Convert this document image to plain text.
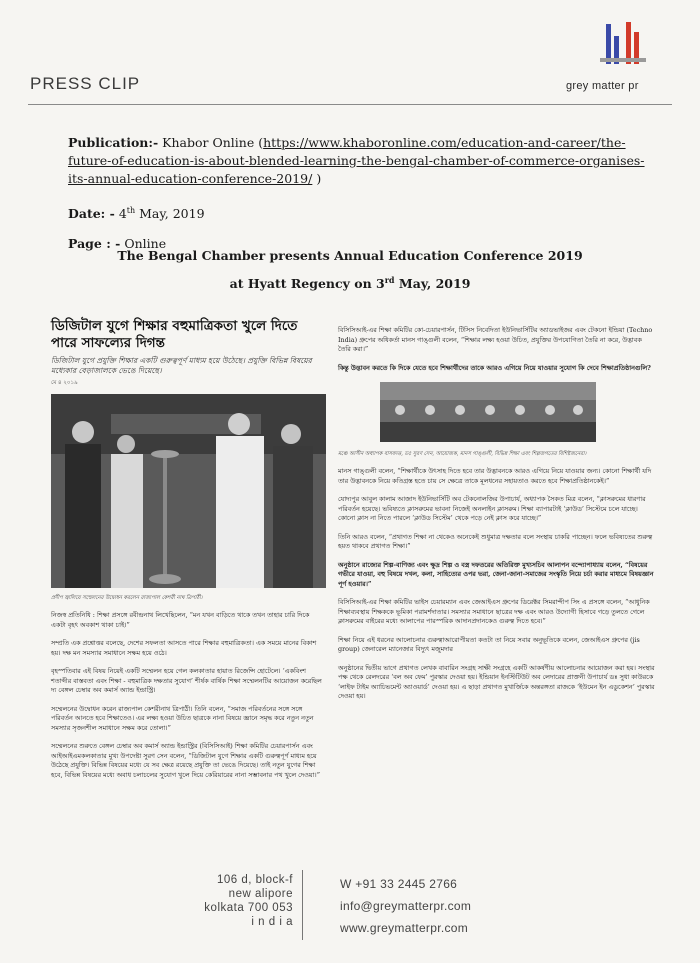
PRESS CLIP	grey matter pr
Publication:- Khabor Online (https://www.khaboronline.com/education-and-career/the-future-of-education-is-about-blended-learning-the-bengal-chamber-of-commerce-organises-its-annual-education-conference-2019/ )
Date: - 4th May, 2019
Page : - Online
The Bengal Chamber presents Annual Education Conference 2019
at Hyatt Regency on 3rd May, 2019
ডিজিটাল যুগে শিক্ষার বহুমাত্রিকতা খুলে দিতে পারে সাফল্যের দিগন্ত
ডিজিটাল যুগে প্রযুক্তি শিক্ষার একটি গুরুত্বপূর্ণ মাধ্যম হয়ে উঠেছে। প্রযুক্তি বিভিন্ন বিষয়ের মধ্যেকার বেড়াজালকে ভেঙে দিয়েছে।
মে ৪ ২০১৯
প্রদীপ জ্বালিয়ে সম্মেলনের উদ্বোধন করলেন রাজ্যপাল কেশরী নাথ ত্রিপাঠী।

নিজস্ব প্রতিনিধি : শিক্ষা প্রসঙ্গে রবীন্দ্রনাথ লিখেছিলেন, “মন যখন বাড়িতে থাকে তখন তাহার চারি দিকে একটা বৃহৎ অবকাশ থাকা চাই।”

সম্প্রতি এক প্রশ্নোত্তর বলেছে, দেশের সফলতা আসতে পারে শিক্ষার বহুমাত্রিকতা। এক সময়ে মানের বিকাশ হয়। দক্ষ মন সমস্যার সমাধানে সক্ষম হয়ে ওঠে।

বৃহস্পতিবার এই বিষয় নিয়েই একটি সম্মেলন হয়ে গেল কলকাতার হায়াত রিজেন্সি হোটেলে। ‘একবিংশ শতাব্দীর বাস্তবতা এবং শিক্ষা - বহুমাত্রিক দক্ষতার সুযোগ’ শীর্ষক বার্ষিক শিক্ষা সম্মেলনটির আয়োজন করেছিল দ্য বেঙ্গল চেম্বার অব কমার্স অ্যান্ড ইন্ডাস্ট্রি।

সম্মেলনের উদ্বোধন করেন রাজ্যপাল কেশরীনাথ ত্রিপাঠী। তিনি বলেন, “সমাজ পরিবর্তনের সঙ্গে সঙ্গে পরিবর্তন আনতে হবে শিক্ষাতেও। এর লক্ষ্য হওয়া উচিত ছাত্রকে নানা বিষয়ে জ্ঞানে সমৃদ্ধ করে নতুন নতুন সমস্যার সৃজনশীল সমাধানে সক্ষম করে তোলা।”

সম্মেলনের শুরুতে বেঙ্গল চেম্বার অব কমার্স অ্যান্ড ইন্ডাস্ট্রির (বিসিসিআই) শিক্ষা কমিটির চেয়ারপার্সন এবং আইআইএমকলকাতার মুখ্য উপদেষ্টা সুরণ সেন বলেন, “ডিজিটাল যুগে শিক্ষার একটি গুরুত্বপূর্ণ মাধ্যম হয়ে উঠেছে প্রযুক্তি। বিভিন্ন বিষয়ের মধ্যে যে সব ক্ষেত্র রয়েছে প্রযুক্তি তা ভেঙে দিয়েছে। তাই নতুন যুগের শিক্ষা হবে, বিভিন্ন বিষয়ের মধ্যে অবাধ চলাচলের সুযোগ খুলে দিয়ে কেরিয়ারের নানা সম্ভাবনার পথ খুলে দেওয়া।”

বিসিসিআই-এর শিক্ষা কমিটির কো-চেয়ারপার্সন, টিসিস নিবেদিতা ইউনিভার্সিটির অ্যাডভাইজর এবং টেকনো ইন্ডিয়া (Techno India) গ্রুপের অধিকর্তা মানস গাঙ্গুলী বলেন, “শিক্ষার লক্ষ্য হওয়া উচিত, প্রযুক্তির উপযোগিতা তৈরি না করে, উদ্ভাবক তৈরি করা।”

কিন্তু উদ্ভাবন করতে কি দিকে যেতে হবে শিক্ষার্থীদের তাকে আরও এগিয়ে নিয়ে যাওয়ার সুযোগ কি দেবে শিক্ষাপ্রতিষ্ঠানগুলি?

মঞ্চে আসীন অধ্যাপক বাসবদত্ত, ডঃ সুরণ সেন, আয়োজক, মানস গাঙ্গুলী, বিভিন্ন শিক্ষা এবং শিল্পজগতের বিশিষ্টজনেরা।

মানস গাঙ্গুলী বলেন, “শিক্ষার্থীকে উৎসাহ দিতে হবে তার উদ্ভাবনকে আরও এগিয়ে নিয়ে যাওয়ার জন্য। কোনো শিক্ষার্থী যদি তার উদ্ভাবনকে নিয়ে কতিগ্রস্ত হতে চায় সে ক্ষেত্রে তাকে মূলধনের সহায়তাও করতে হবে শিক্ষাপ্রতিষ্ঠানকেই।”

যোদ্যপুর আবুল কালাম আজাদ ইউনিভার্সিটি অব টেকনোলজির উপাচার্য, অধ্যাপক সৈকত মিত্র বলেন, “ক্লাসরুমের ধারণার পরিবর্তন হয়েছে। ভবিষ্যতে ক্লাসরুমের ভাবনা নিজেই অনলাইন ক্লাসরুম। শিক্ষা ব্যাপারটাই ‘ক্লাউড’ সিস্টেমে চলে যাচ্ছে। কোনো ক্লাস না নিতে পারলে ‘ক্লাউড সিস্টেম’ থেকে পড়ে নেই ক্লাস করে যাচ্ছে।”

তিনি আরও বলেন, “প্রথাগত শিক্ষা না থেকেও অনেকেই শুধুমাত্র দক্ষতার বলে সংস্থায় চাকরি পাচ্ছেন। ফলে ভবিষ্যতের শুরুত্ব হয়ত থাকবে প্রথাগত শিক্ষা।”

অনুষ্ঠানে রাজ্যের শিল্প-বাণিজ্য এবং ক্ষুদ্র শিল্প ও বস্ত্র দফতরের অতিরিক্ত মুখ্যসচিব আলাপন বন্দ্যোপাধ্যায় বলেন, “বিষয়ের গভীরে যাওয়া, বহু বিষয়ে দখল, কলা, সাহিত্যের ওপর ভরা, জেনা-জানা-সমাজের সংস্কৃতি নিয়ে চর্চা করার মাধ্যমে বিষয়জ্ঞান পূর্ণ হওয়ার।”

বিসিসিআই-এর শিক্ষা কমিটির ভাইস চেয়ারম্যান এবং জেআইএস গ্রুপের ডিরেক্টর সিমরান্দীপ সিং এ প্রসঙ্গে বলেন, “আধুনিক শিক্ষাব্যবস্থায় শিক্ষককে ভূমিকা পরামর্শদাতার। সমস্যার সমাধানে ছাত্রের দক্ষ এবং আরও উদ্যোগী হিসাবে গড়ে তুলতে গেলে ক্লাসরুমের বাইরের মধ্যে আলাপের পারস্পরিক আদানপ্রদানকেও গুরুত্ব দিতে হবে।”

শিক্ষা নিয়ে এই ধরনের আলোচনার গুরুত্বাআরোপীয়তা কতটা তা নিয়ে সবার অনুভূতিকে বলেন, জেআইএস গ্রুপের (jis group) জেনারেল ম্যানেজার বিদ্যুৎ মজুমদার

অনুষ্ঠানের দ্বিতীয় ভাগে প্রথাগত লেখক বাবারিন সংগ্রহ সাক্ষী সংগ্রহে একটি আকর্ষণীয় আলোচনার আয়োজন করা হয়। সংস্থার পক্ষ থেকে রেলদরের ‘বল অব ফেম’ পুরস্কার দেওয়া হয়। ইন্ডিয়ান ইনস্টিটিউট অব লেদারের প্রাক্তনী উপাচার্য ডঃ সুধা কাউরকে ‘লাইফ টাইম অ্যাচিভমেন্ট অ্যাওয়ার্ড’ দেওয়া হয়। এ ছাড়া প্রথাগত মুখার্জিকে অন্তরঙ্গতা রাজকে ‘ইউমেন ইন এডুকেশন’ পুরস্কার দেওয়া হয়।

106 d, block-f
new alipore
kolkata 700 053
i n d i a
W +91 33 2445 2766
info@greymatterpr.com
www.greymatterpr.com
